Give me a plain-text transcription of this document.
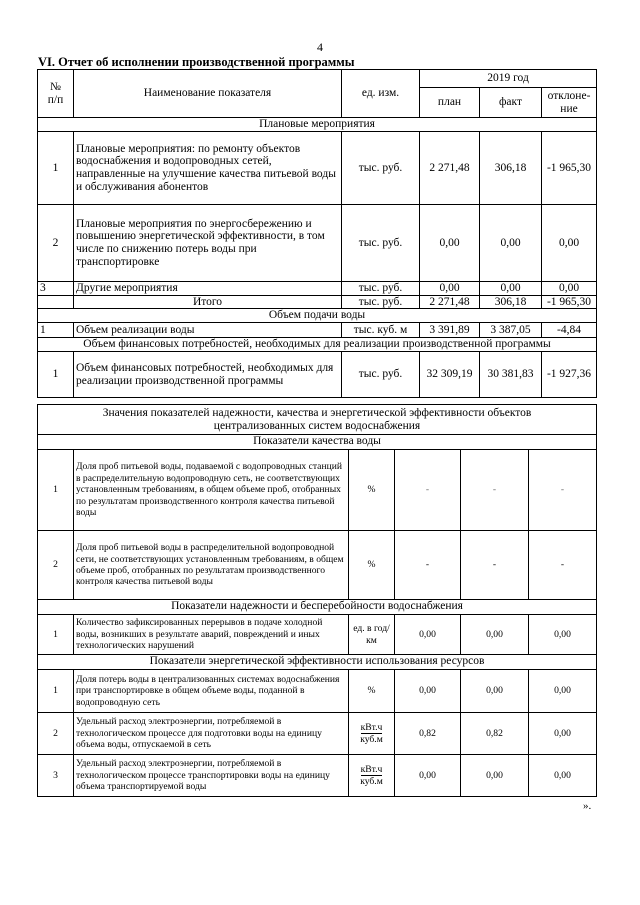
4
VI. Отчет об исполнении производственной программы
№
п/п	Наименование показателя	ед. изм.	2019 год		
			план	факт	отклоне-
ние
Плановые мероприятия					
1	Плановые мероприятия: по ремонту объектов водоснабжения и водопроводных сетей, направленные на улучшение качества питьевой воды и обслуживания абонентов	тыс. руб.	2 271,48	306,18	-1 965,30
2	Плановые мероприятия по энергосбережению и повышению энергетической эффективности, в том числе по снижению потерь воды при транспортировке	тыс. руб.	0,00	0,00	0,00
3	Другие мероприятия	тыс. руб.	0,00	0,00	0,00
	Итого	тыс. руб.	2 271,48	306,18	-1 965,30
Объем подачи воды					
1	Объем реализации воды	тыс. куб. м	3 391,89	3 387,05	-4,84
Объем финансовых потребностей, необходимых для реализации производственной программы					
1	Объем финансовых потребностей, необходимых для реализации производственной программы	тыс. руб.	32 309,19	30 381,83	-1 927,36
Значения показателей надежности, качества и энергетической эффективности объектов централизованных систем водоснабжения					
Показатели качества воды					
1	Доля проб питьевой воды, подаваемой с водопроводных станций в распределительную водопроводную сеть, не соответствующих установленным требованиям, в общем объеме проб, отобранных по результатам производственного контроля качества питьевой воды	%	-	-	-
2	Доля проб питьевой воды в распределительной водопроводной сети, не соответствующих установленным требованиям, в общем объеме проб, отобранных по результатам производственного контроля качества питьевой воды	%	-	-	-
Показатели надежности и бесперебойности водоснабжения					
1	Количество зафиксированных перерывов в подаче холодной воды, возникших в результате аварий, повреждений и иных технологических нарушений	ед. в год/ км	0,00	0,00	0,00
Показатели энергетической эффективности использования ресурсов					
1	Доля потерь воды в централизованных системах водоснабжения при транспортировке в общем объеме воды, поданной в водопроводную сеть	%	0,00	0,00	0,00
2	Удельный расход электроэнергии, потребляемой в технологическом процессе для подготовки воды на единицу объема воды, отпускаемой в сеть	кВт.ч
куб.м	0,82	0,82	0,00
3	Удельный расход электроэнергии, потребляемой в технологическом процессе транспортировки воды на единицу объема транспортируемой воды	кВт.ч
куб.м	0,00	0,00	0,00
».
